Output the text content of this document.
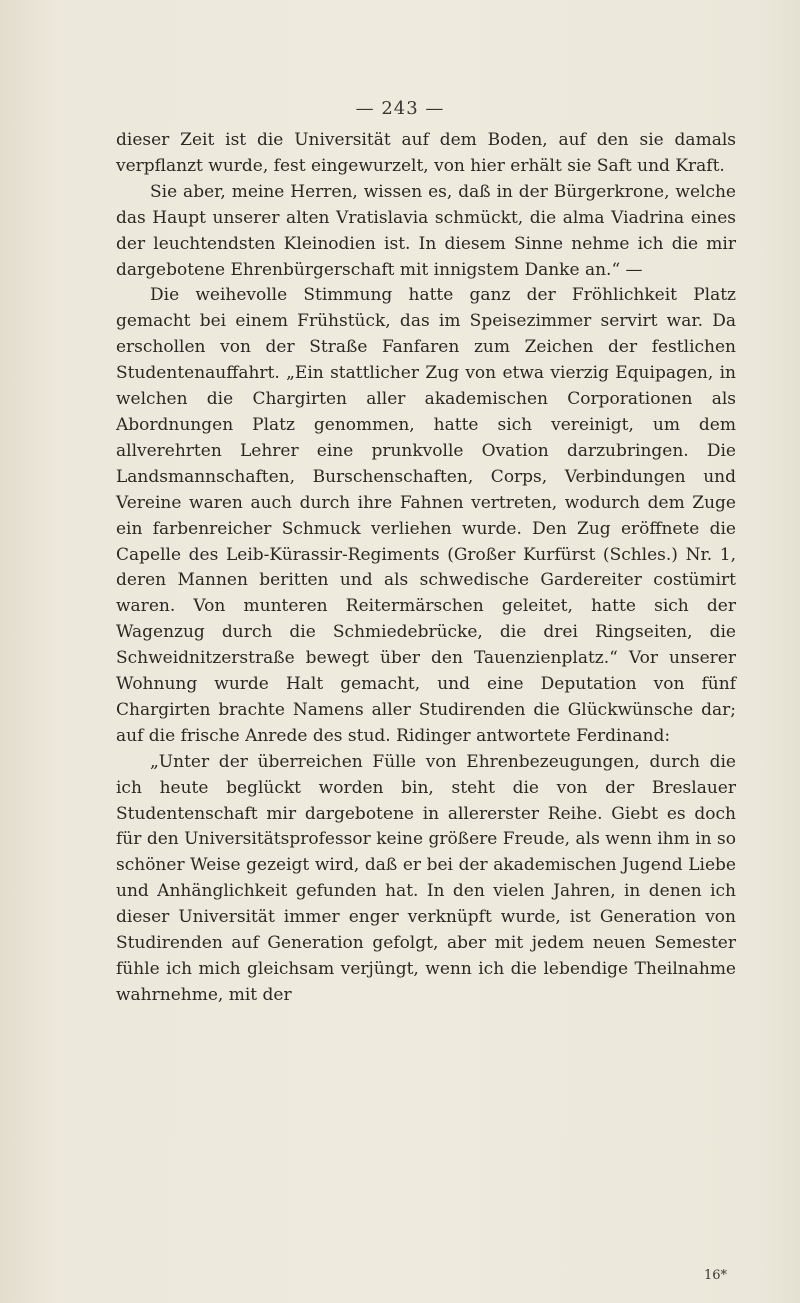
— 243 —

dieser Zeit ist die Universität auf dem Boden, auf den sie damals verpflanzt wurde, fest eingewurzelt, von hier erhält sie Saft und Kraft.

Sie aber, meine Herren, wissen es, daß in der Bürgerkrone, welche das Haupt unserer alten Vratislavia schmückt, die alma Viadrina eines der leuchtendsten Kleinodien ist. In diesem Sinne nehme ich die mir dargebotene Ehrenbürgerschaft mit innigstem Danke an.“ —

Die weihevolle Stimmung hatte ganz der Fröhlichkeit Platz gemacht bei einem Frühstück, das im Speisezimmer servirt war. Da erschollen von der Straße Fanfaren zum Zeichen der festlichen Studentenauffahrt. „Ein stattlicher Zug von etwa vierzig Equipagen, in welchen die Chargirten aller akademischen Corporationen als Abordnungen Platz genommen, hatte sich vereinigt, um dem allverehrten Lehrer eine prunkvolle Ovation darzubringen. Die Landsmannschaften, Burschenschaften, Corps, Verbindungen und Vereine waren auch durch ihre Fahnen vertreten, wodurch dem Zuge ein farbenreicher Schmuck verliehen wurde. Den Zug eröffnete die Capelle des Leib-Kürassir-Regiments (Großer Kurfürst (Schles.) Nr. 1, deren Mannen beritten und als schwedische Gardereiter costümirt waren. Von munteren Reitermärschen geleitet, hatte sich der Wagenzug durch die Schmiedebrücke, die drei Ringseiten, die Schweidnitzerstraße bewegt über den Tauenzienplatz.“ Vor unserer Wohnung wurde Halt gemacht, und eine Deputation von fünf Chargirten brachte Namens aller Studirenden die Glückwünsche dar; auf die frische Anrede des stud. Ridinger antwortete Ferdinand:

„Unter der überreichen Fülle von Ehrenbezeugungen, durch die ich heute beglückt worden bin, steht die von der Breslauer Studentenschaft mir dargebotene in allererster Reihe. Giebt es doch für den Universitätsprofessor keine größere Freude, als wenn ihm in so schöner Weise gezeigt wird, daß er bei der akademischen Jugend Liebe und Anhänglichkeit gefunden hat. In den vielen Jahren, in denen ich dieser Universität immer enger verknüpft wurde, ist Generation von Studirenden auf Generation gefolgt, aber mit jedem neuen Semester fühle ich mich gleichsam verjüngt, wenn ich die lebendige Theilnahme wahrnehme, mit der

16*
